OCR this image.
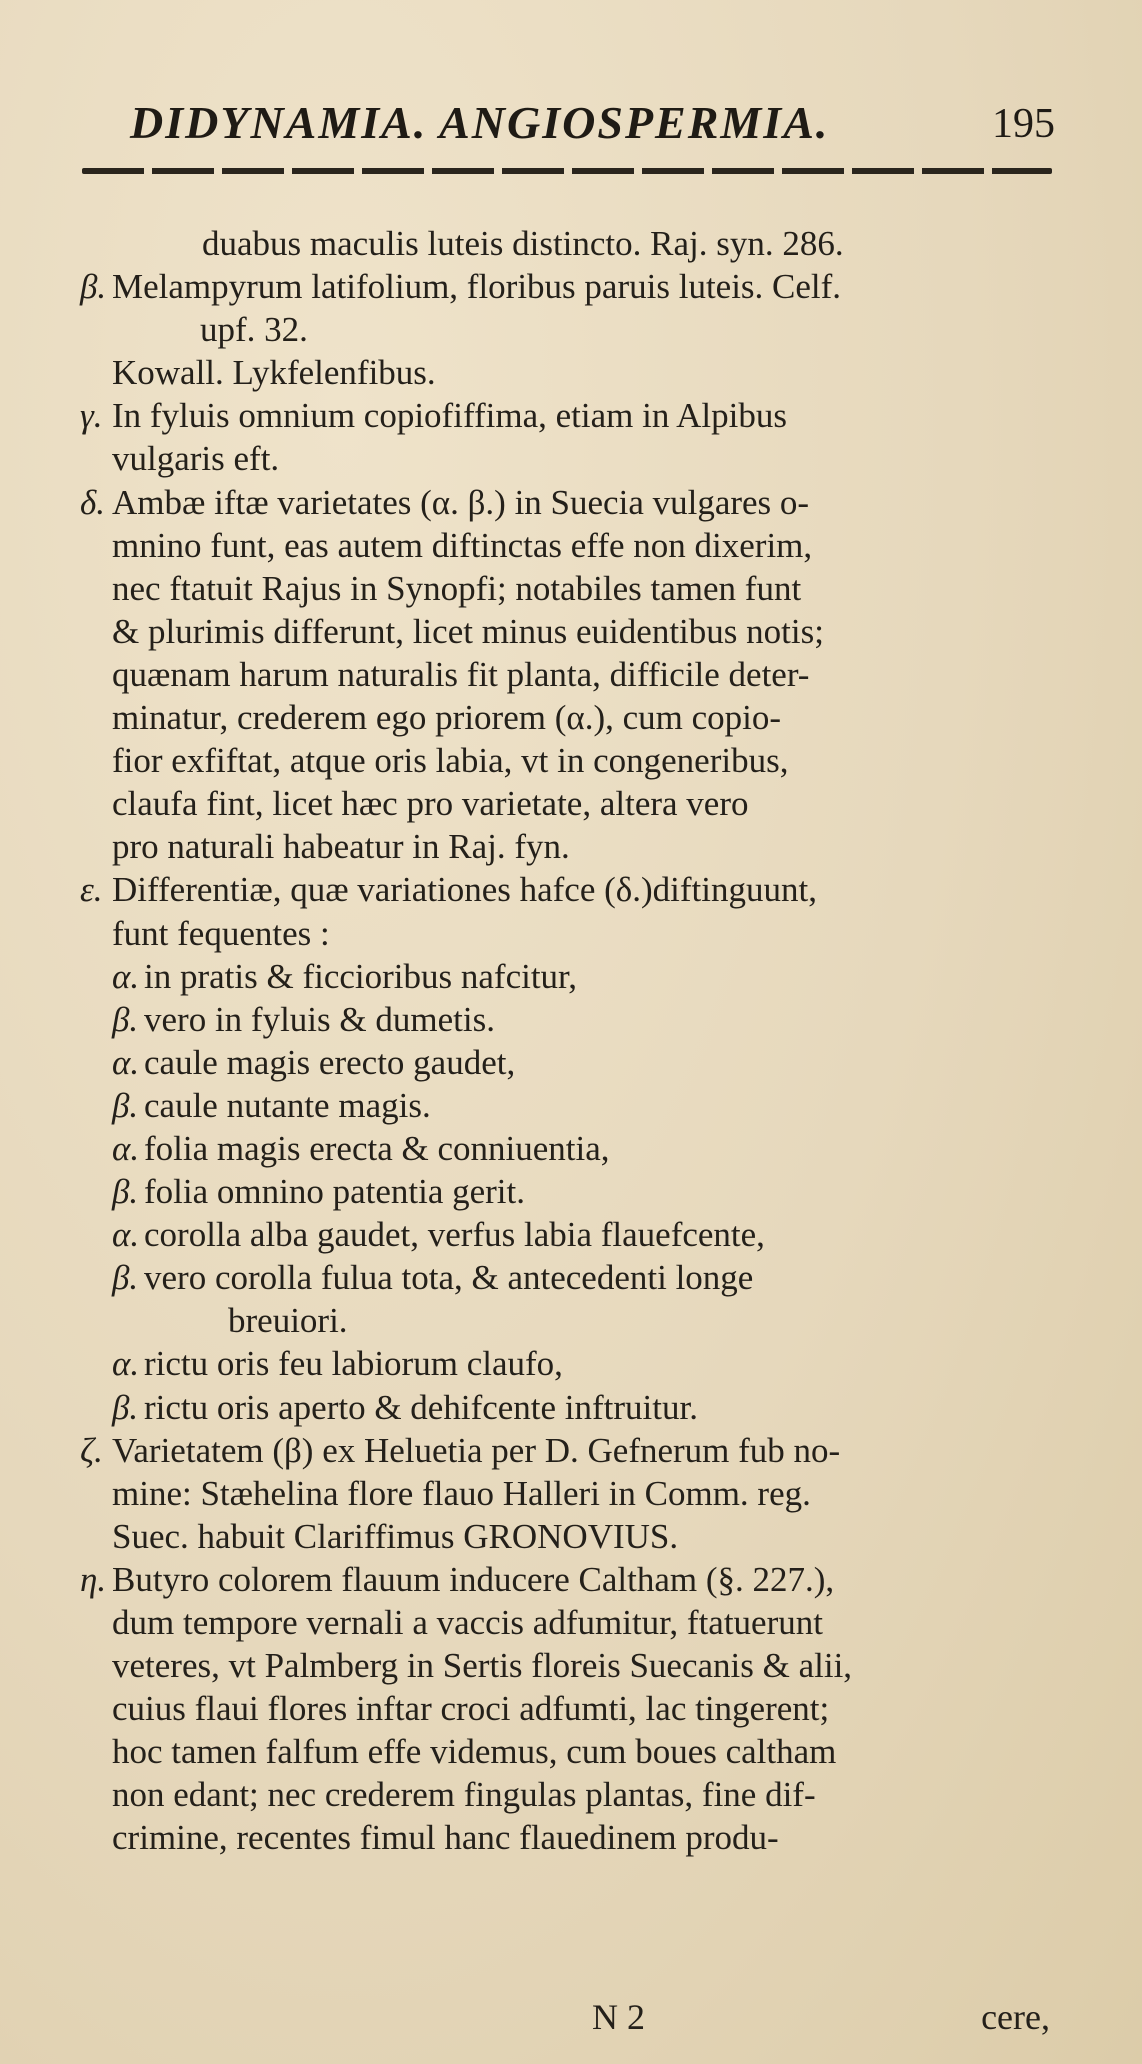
DIDYNAMIA. ANGIOSPERMIA.	195
duabus maculis luteis distincto. Raj. syn. 286.
β. Melampyrum latifolium, floribus paruis luteis. Celf.
upf. 32.
Kowall. Lykfelenfibus.
γ. In fyluis omnium copiofiffima, etiam in Alpibus
vulgaris eft.
δ. Ambæ iftæ varietates (α. β.) in Suecia vulgares o-
mnino funt, eas autem diftinctas effe non dixerim,
nec ftatuit Rajus in Synopfi; notabiles tamen funt
& plurimis differunt, licet minus euidentibus notis;
quænam harum naturalis fit planta, difficile deter-
minatur, crederem ego priorem (α.), cum copio-
fior exfiftat, atque oris labia, vt in congeneribus,
claufa fint, licet hæc pro varietate, altera vero
pro naturali habeatur in Raj. fyn.
ε. Differentiæ, quæ variationes hafce (δ.)diftinguunt,
funt fequentes :
α. in pratis & ficcioribus nafcitur,
β. vero in fyluis & dumetis.
α. caule magis erecto gaudet,
β. caule nutante magis.
α. folia magis erecta & conniuentia,
β. folia omnino patentia gerit.
α. corolla alba gaudet, verfus labia flauefcente,
β. vero corolla fulua tota, & antecedenti longe
breuiori.
α. rictu oris feu labiorum claufo,
β. rictu oris aperto & dehifcente inftruitur.
ζ. Varietatem (β) ex Heluetia per D. Gefnerum fub no-
mine: Stæhelina flore flauo Halleri in Comm. reg.
Suec. habuit Clariffimus GRONOVIUS.
η. Butyro colorem flauum inducere Caltham (§. 227.),
dum tempore vernali a vaccis adfumitur, ftatuerunt
veteres, vt Palmberg in Sertis floreis Suecanis & alii,
cuius flaui flores inftar croci adfumti, lac tingerent;
hoc tamen falfum effe videmus, cum boues caltham
non edant; nec crederem fingulas plantas, fine dif-
crimine, recentes fimul hanc flauedinem produ-
N 2	cere,
